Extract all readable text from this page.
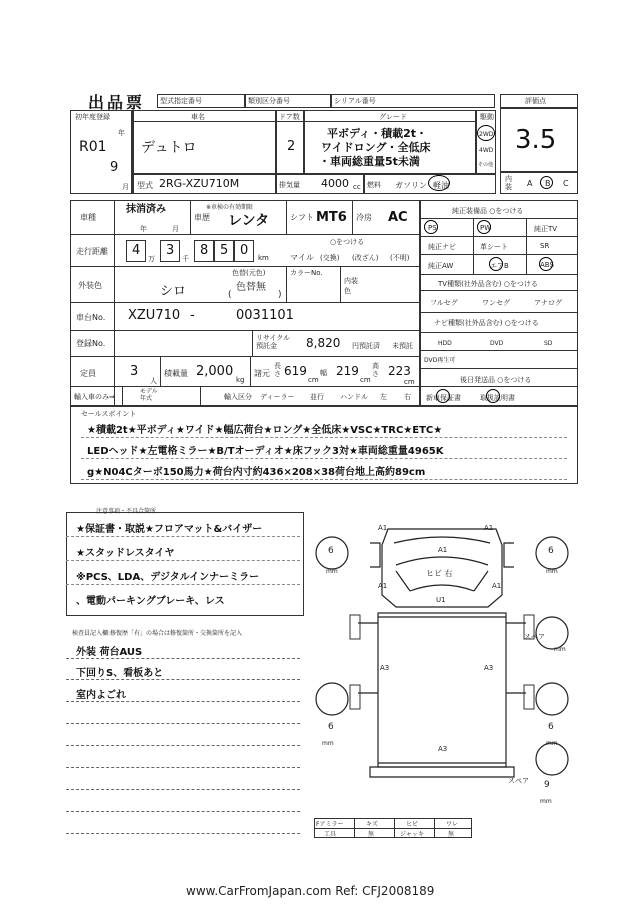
出品票 型式指定番号	類別区分番号	シリアル番号	評価点
初年度登録
R01
年
9
月
車名
デュトロ
ドア数
2
グレード
平ボディ・積載2t・
ワイドロング・全低床
・車両総重量5t未満
駆動
2WD
4WD
その他
3.5
内装 A B C
型式 2RG-XZU710M	排気量 4000 cc 燃料 ガソリン 軽油
車種
抹消済み	※車検の有効期限
年	月
車歴 レンタ	シフト MT6 冷房 AC
走行距離 4
万
3
千
8 5 0 km
○をつける
マイル (交換) (改ざん) (不明)
外装色
色替(元色)
色替無
(	)
シロ
カラーNo.
内装色
車台No. XZU710 -	0031101
登録No.
リサイクル預託金	8,820 円預託済 未預託
定員	3
人
積載量 2,000
kg
諸元
長さ 619
cm
幅 219
cm
高さ 223
cm
輸入車のみ⇒
モデル年式	輸入区分 ディーラー 並行 ハンドル 左 右
純正装備品 ○をつける
PS	PW	純正TV
純正ナビ	革シート	SR
純正AW	エアB	ABS
TV種類(社外品含む) ○をつける
フルセグ	ワンセグ	アナログ
ナビ種類(社外品含む) ○をつける
HDD	DVD	SD
DVD再生可
後日発送品 ○をつける
新車保証書	取扱説明書
セールスポイント
★積載2t★平ボディ★ワイド★幅広荷台★ロング★全低床★VSC★TRC★ETC★
LEDヘッド★左電格ミラー★B/Tオーディオ★床フック3対★車両総重量4965K
g★N04Cターボ150馬力★荷台内寸約436×208×38荷台地上高約89cm
注意事項・不具合箇所
★保証書・取説★フロアマット&バイザー
★スタッドレスタイヤ
※PCS、LDA、デジタルインナーミラー
、電動パーキングブレーキ、レス
検査員記入欄:修復歴「有」の場合は修復箇所・交換箇所を記入
外装 荷台AUS
下回りS、看板あと
室内よごれ
A1	A1
A1
A1	A1
ヒビ 右
U1
A3	A3
A3
6
mm
6
mm
スペア
mm
6
mm
6
mm
スペア 9
mm
Fアミラー	キズ	ヒビ	ワレ
工具	無	ジャッキ	無
www.CarFromJapan.com Ref: CFJ2008189
